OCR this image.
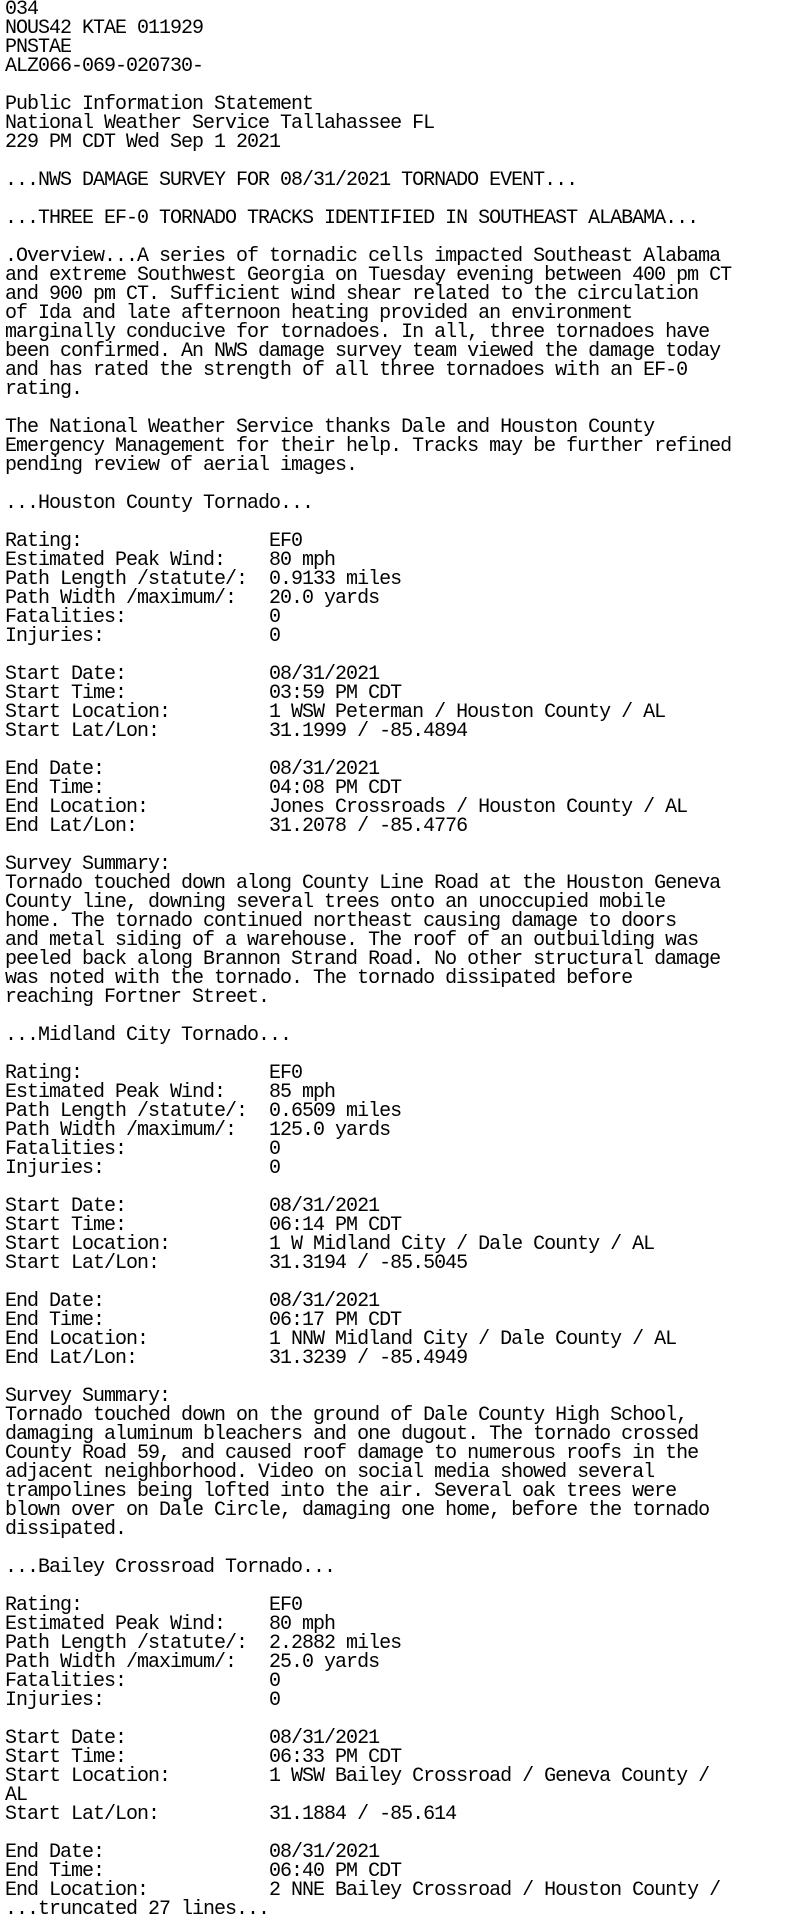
034
NOUS42 KTAE 011929
PNSTAE
ALZ066-069-020730-
Public Information Statement
National Weather Service Tallahassee FL
229 PM CDT Wed Sep 1 2021
...NWS DAMAGE SURVEY FOR 08/31/2021 TORNADO EVENT...
...THREE EF-0 TORNADO TRACKS IDENTIFIED IN SOUTHEAST ALABAMA...
.Overview...A series of tornadic cells impacted Southeast Alabama
and extreme Southwest Georgia on Tuesday evening between 400 pm CT
and 900 pm CT. Sufficient wind shear related to the circulation
of Ida and late afternoon heating provided an environment
marginally conducive for tornadoes. In all, three tornadoes have
been confirmed. An NWS damage survey team viewed the damage today
and has rated the strength of all three tornadoes with an EF-0
rating.
The National Weather Service thanks Dale and Houston County
Emergency Management for their help. Tracks may be further refined
pending review of aerial images.
...Houston County Tornado...
Rating:                 EF0
Estimated Peak Wind:    80 mph
Path Length /statute/:  0.9133 miles
Path Width /maximum/:   20.0 yards
Fatalities:             0
Injuries:               0
Start Date:             08/31/2021
Start Time:             03:59 PM CDT
Start Location:         1 WSW Peterman / Houston County / AL
Start Lat/Lon:          31.1999 / -85.4894
End Date:               08/31/2021
End Time:               04:08 PM CDT
End Location:           Jones Crossroads / Houston County / AL
End Lat/Lon:            31.2078 / -85.4776
Survey Summary:
Tornado touched down along County Line Road at the Houston Geneva
County line, downing several trees onto an unoccupied mobile
home. The tornado continued northeast causing damage to doors
and metal siding of a warehouse. The roof of an outbuilding was
peeled back along Brannon Strand Road. No other structural damage
was noted with the tornado. The tornado dissipated before
reaching Fortner Street.
...Midland City Tornado...
Rating:                 EF0
Estimated Peak Wind:    85 mph
Path Length /statute/:  0.6509 miles
Path Width /maximum/:   125.0 yards
Fatalities:             0
Injuries:               0
Start Date:             08/31/2021
Start Time:             06:14 PM CDT
Start Location:         1 W Midland City / Dale County / AL
Start Lat/Lon:          31.3194 / -85.5045
End Date:               08/31/2021
End Time:               06:17 PM CDT
End Location:           1 NNW Midland City / Dale County / AL
End Lat/Lon:            31.3239 / -85.4949
Survey Summary:
Tornado touched down on the ground of Dale County High School,
damaging aluminum bleachers and one dugout. The tornado crossed
County Road 59, and caused roof damage to numerous roofs in the
adjacent neighborhood. Video on social media showed several
trampolines being lofted into the air. Several oak trees were
blown over on Dale Circle, damaging one home, before the tornado
dissipated.
...Bailey Crossroad Tornado...
Rating:                 EF0
Estimated Peak Wind:    80 mph
Path Length /statute/:  2.2882 miles
Path Width /maximum/:   25.0 yards
Fatalities:             0
Injuries:               0
Start Date:             08/31/2021
Start Time:             06:33 PM CDT
Start Location:         1 WSW Bailey Crossroad / Geneva County /
AL
Start Lat/Lon:          31.1884 / -85.614
End Date:               08/31/2021
End Time:               06:40 PM CDT
End Location:           2 NNE Bailey Crossroad / Houston County /
...truncated 27 lines...
